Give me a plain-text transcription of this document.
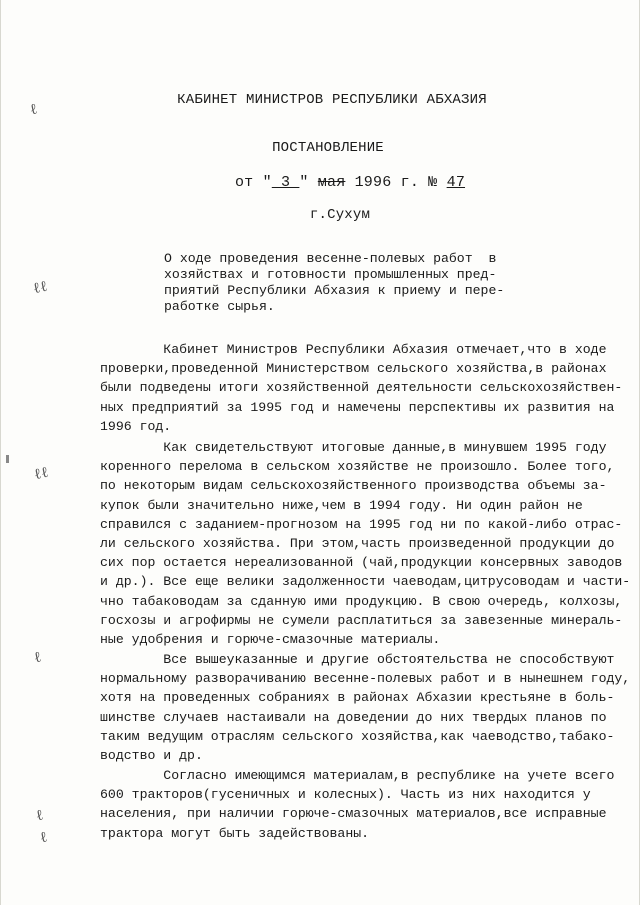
ℓ
ℓℓ
ℓℓ
ℓ
ℓ
ℓ
КАБИНЕТ МИНИСТРОВ РЕСПУБЛИКИ АБХАЗИЯ
ПОСТАНОВЛЕНИЕ
от " 3 " мая 1996 г. № 47
г.Сухум
О ходе проведения весенне-полевых работ  в
хозяйствах и готовности промышленных пред-
приятий Республики Абхазия к приему и пере-
работке сырья.
Кабинет Министров Республики Абхазия отмечает,что в ходе
проверки,проведенной Министерством сельского хозяйства,в районах
были подведены итоги хозяйственной деятельности сельскохозяйствен-
ных предприятий за 1995 год и намечены перспективы их развития на
1996 год.
Как свидетельствуют итоговые данные,в минувшем 1995 году
коренного перелома в сельском хозяйстве не произошло. Более того,
по некоторым видам сельскохозяйственного производства объемы за-
купок были значительно ниже,чем в 1994 году. Ни один район не
справился с заданием-прогнозом на 1995 год ни по какой-либо отрас-
ли сельского хозяйства. При этом,часть произведенной продукции до
сих пор остается нереализованной (чай,продукции консервных заводов
и др.). Все еще велики задолженности чаеводам,цитрусоводам и части-
чно табаководам за сданную ими продукцию. В свою очередь, колхозы,
госхозы и агрофирмы не сумели расплатиться за завезенные минераль-
ные удобрения и горюче-смазочные материалы.
Все вышеуказанные и другие обстоятельства не способствуют
нормальному разворачиванию весенне-полевых работ и в нынешнем году,
хотя на проведенных собраниях в районах Абхазии крестьяне в боль-
шинстве случаев настаивали на доведении до них твердых планов по
таким ведущим отраслям сельского хозяйства,как чаеводство,табако-
водство и др.
Согласно имеющимся материалам,в республике на учете всего
600 тракторов(гусеничных и колесных). Часть из них находится у
населения, при наличии горюче-смазочных материалов,все исправные
трактора могут быть задействованы.
